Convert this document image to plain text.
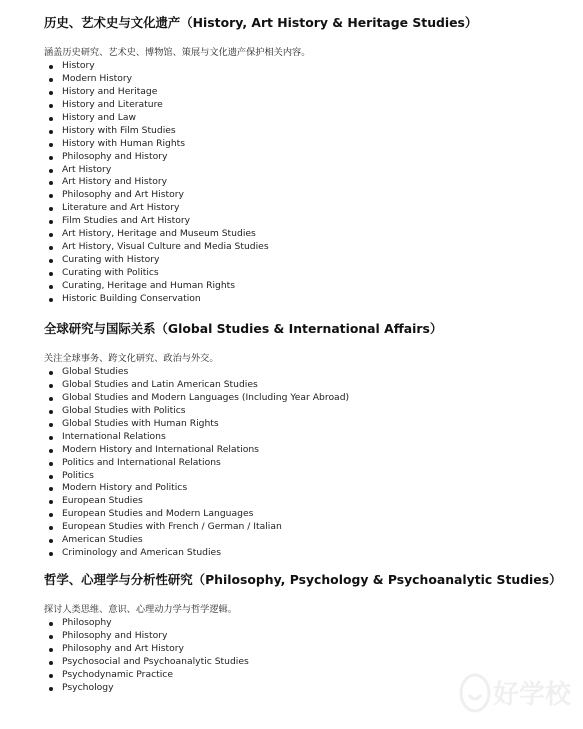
历史、艺术史与文化遗产（History, Art History & Heritage Studies）

涵盖历史研究、艺术史、博物馆、策展与文化遗产保护相关内容。

History
Modern History
History and Heritage
History and Literature
History and Law
History with Film Studies
History with Human Rights
Philosophy and History
Art History
Art History and History
Philosophy and Art History
Literature and Art History
Film Studies and Art History
Art History, Heritage and Museum Studies
Art History, Visual Culture and Media Studies
Curating with History
Curating with Politics
Curating, Heritage and Human Rights
Historic Building Conservation
全球研究与国际关系（Global Studies & International Affairs）

关注全球事务、跨文化研究、政治与外交。

Global Studies
Global Studies and Latin American Studies
Global Studies and Modern Languages (Including Year Abroad)
Global Studies with Politics
Global Studies with Human Rights
International Relations
Modern History and International Relations
Politics and International Relations
Politics
Modern History and Politics
European Studies
European Studies and Modern Languages
European Studies with French / German / Italian
American Studies
Criminology and American Studies
哲学、心理学与分析性研究（Philosophy, Psychology & Psychoanalytic Studies）

探讨人类思维、意识、心理动力学与哲学逻辑。

Philosophy
Philosophy and History
Philosophy and Art History
Psychosocial and Psychoanalytic Studies
Psychodynamic Practice
Psychology	好学校
